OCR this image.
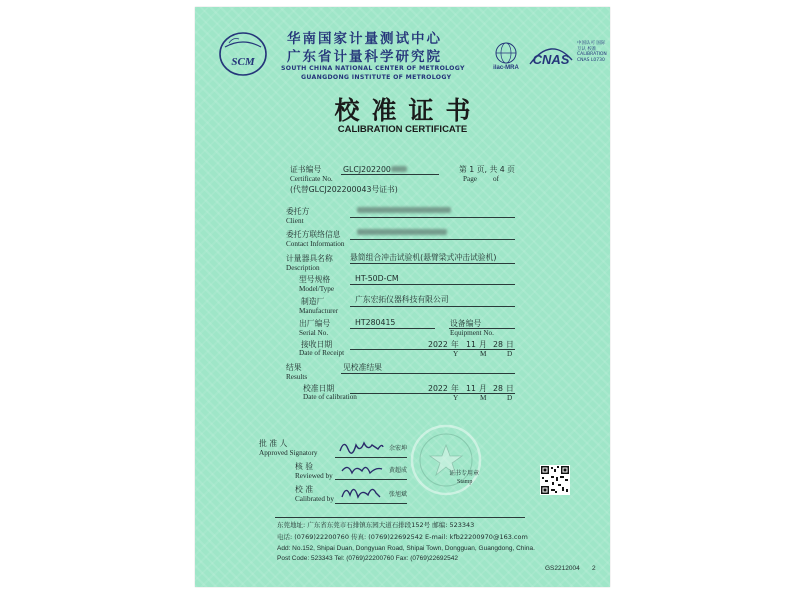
SCM
华南国家计量测试中心
广东省计量科学研究院
SOUTH CHINA NATIONAL CENTER OF METROLOGY
GUANGDONG INSTITUTE OF METROLOGY
ilac-MRA
CNAS
中国认可 国际互认 校准 CALIBRATION CNAS L0730
校准证书
CALIBRATION CERTIFICATE
证书编号	GLCJ202200
Certificate No.
(代替GLCJ202200043号证书)
第 1 页, 共 4 页
Page of
委托方
Client
委托方联络信息
Contact Information
计量器具名称
Description
悬简组合冲击试验机(悬臂梁式冲击试验机)
型号规格
Model/Type
HT-50D-CM
制造厂
Manufacturer
广东宏拓仪器科技有限公司
出厂编号
Serial No.
HT280415	设备编号
Equipment No.
接收日期
Date of Receipt
2022 年 11 月 28 日
Y	M	D
结果
Results
见校准结果
校准日期
Date of calibration
2022 年 11 月 28 日
Y	M	D
批 准 人
Approved Signatory
余宏坤
核 验
Reviewed by
黄超成
校 准
Calibrated by
张旭斌
证书专用章
Stamp
东莞地址: 广东省东莞市石排镇东园大道石排段152号 邮编: 523343
电话: (0769)22200760 传真: (0769)22692542 E-mail: kfb22200970@163.com
Add: No.152, Shipai Duan, Dongyuan Road, Shipai Town, Dongguan, Guangdong, China.
Post Code: 523343 Tel: (0769)22200760 Fax: (0769)22692542
GS2212004 2
